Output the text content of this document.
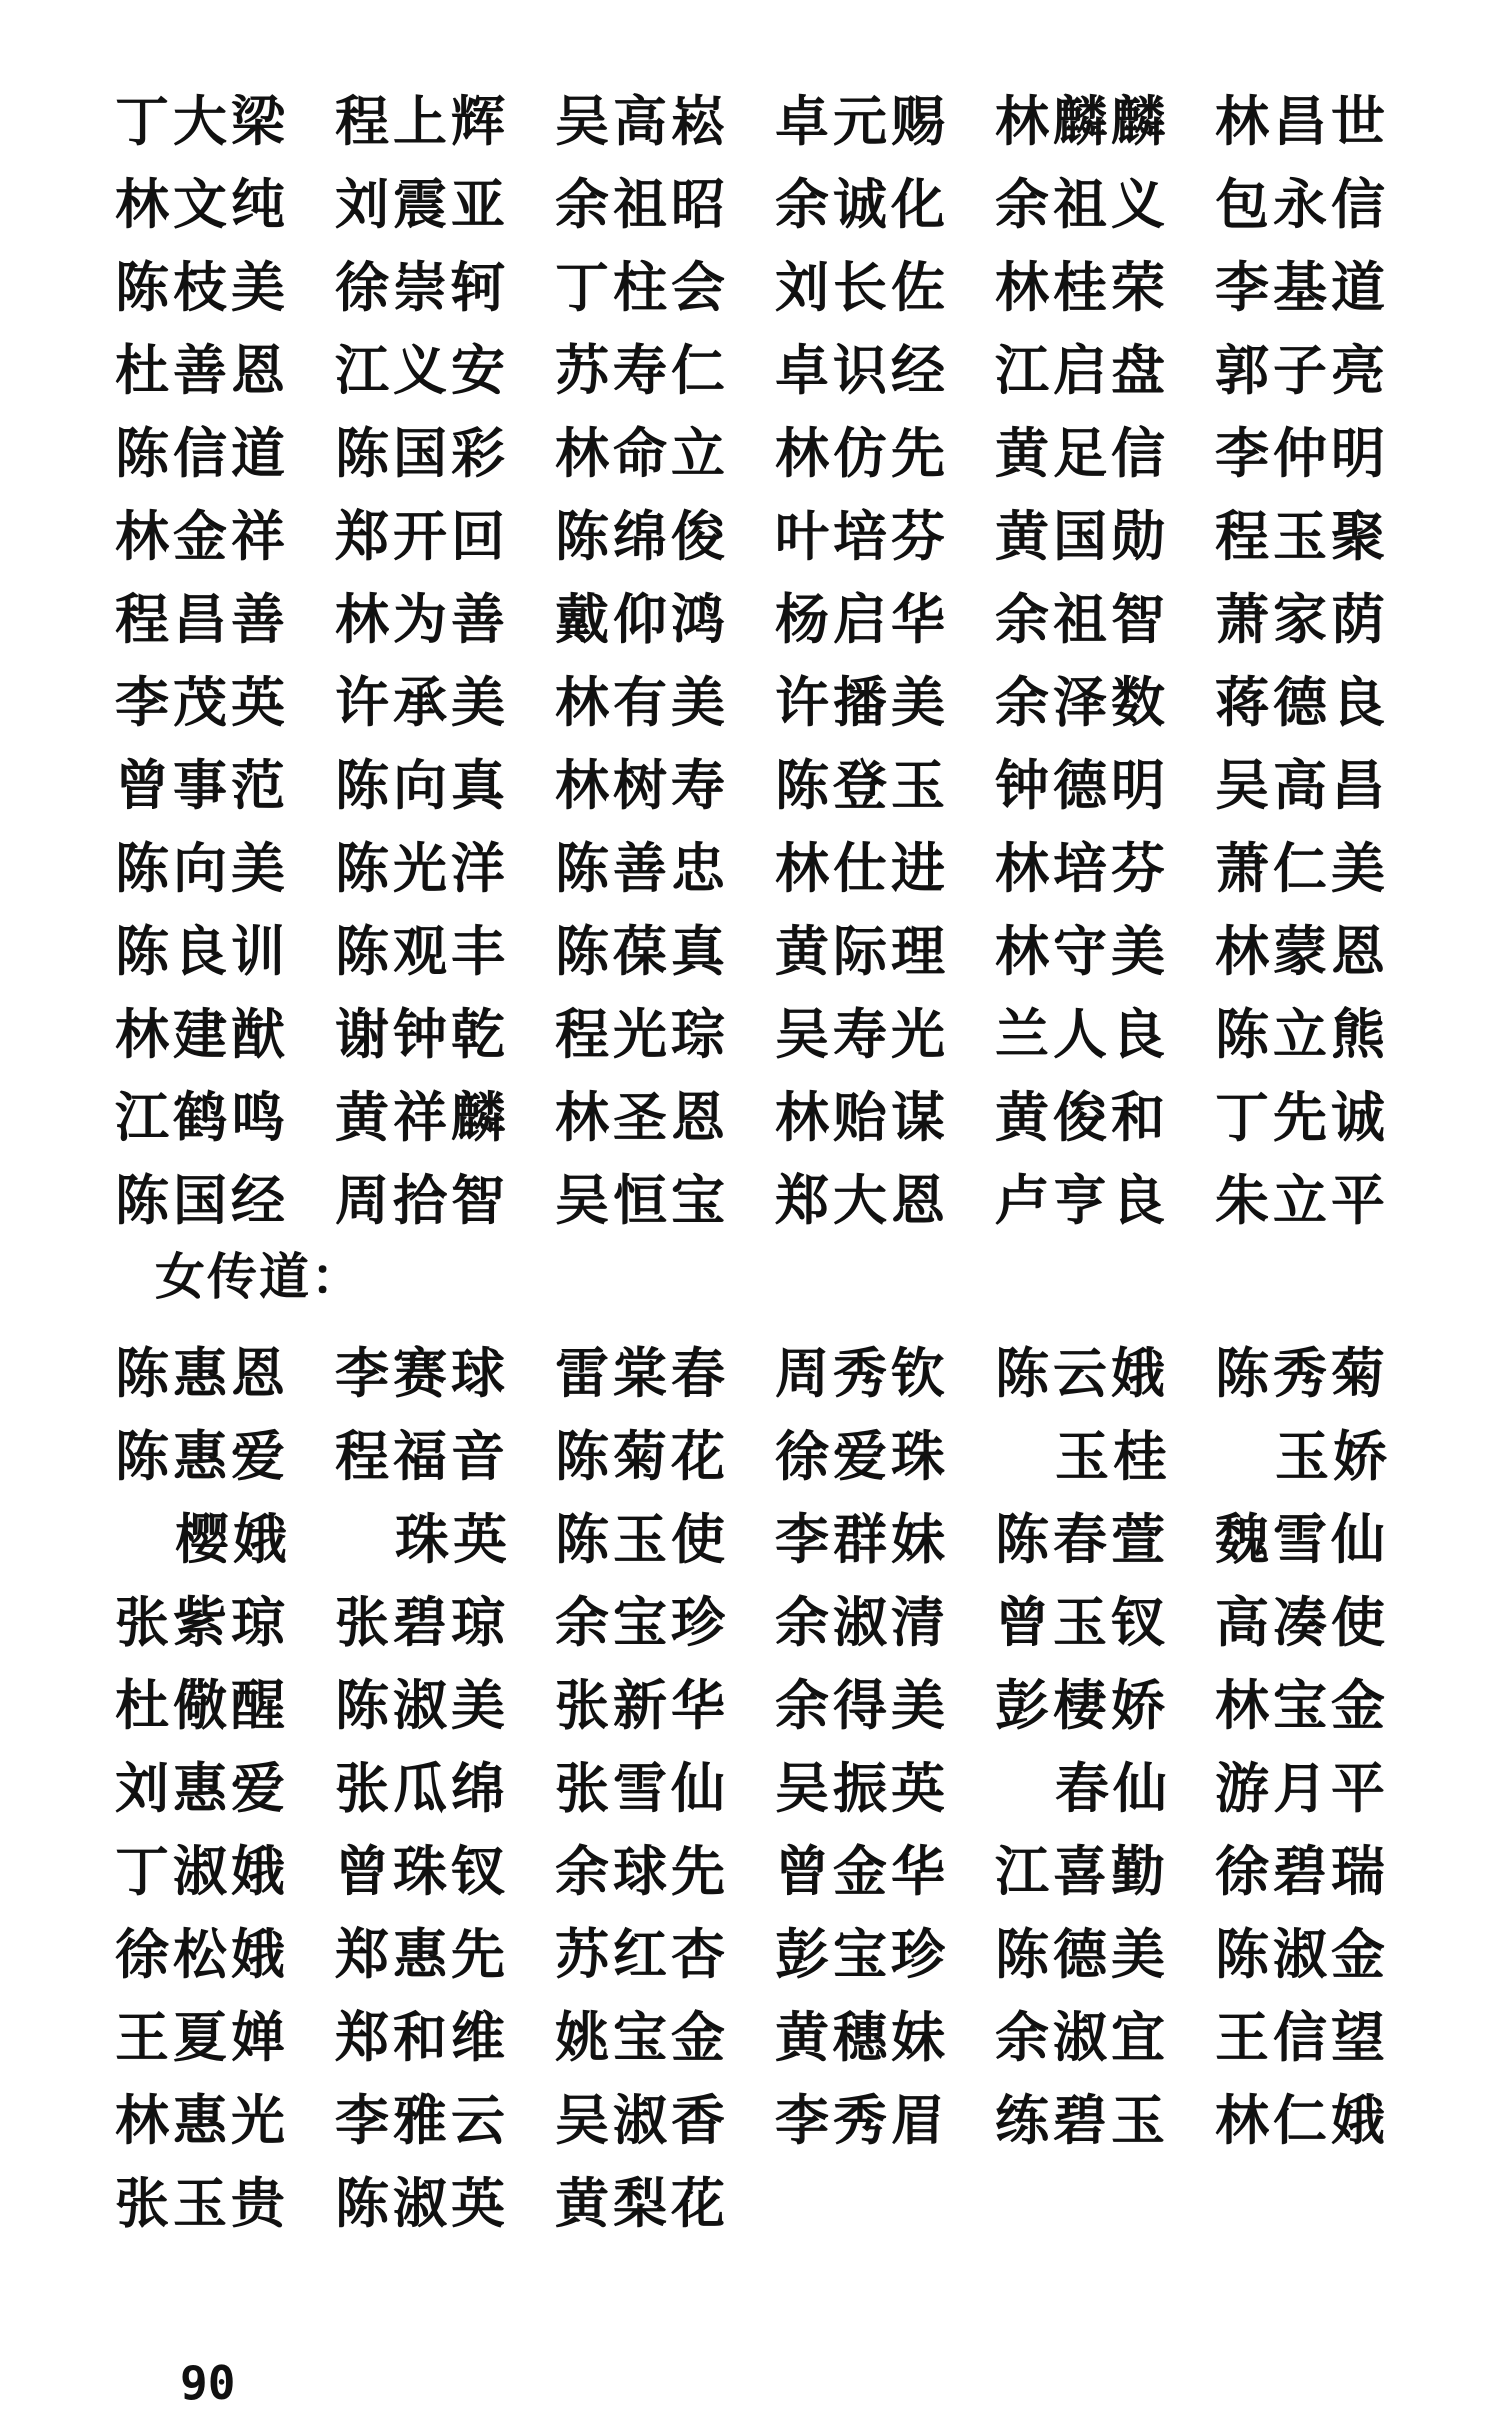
丁大梁 程上辉 吴高崧 卓元赐 林麟麟 林昌世
林文纯 刘震亚 余祖昭 余诚化 余祖义 包永信
陈枝美 徐崇轲 丁柱会 刘长佐 林桂荣 李基道
杜善恩 江义安 苏寿仁 卓识经 江启盘 郭子亮
陈信道 陈国彩 林命立 林仿先 黄足信 李仲明
林金祥 郑开回 陈绵俊 叶培芬 黄国勋 程玉聚
程昌善 林为善 戴仰鸿 杨启华 余祖智 萧家荫
李茂英 许承美 林有美 许播美 余泽数 蒋德良
曾事范 陈向真 林树寿 陈登玉 钟德明 吴高昌
陈向美 陈光洋 陈善忠 林仕进 林培芬 萧仁美
陈良训 陈观丰 陈葆真 黄际理 林守美 林蒙恩
林建猷 谢钟乾 程光琮 吴寿光 兰人良 陈立熊
江鹤鸣 黄祥麟 林圣恩 林贻谋 黄俊和 丁先诚
陈国经 周拾智 吴恒宝 郑大恩 卢亨良 朱立平
女传道：
陈惠恩 李赛球 雷棠春 周秀钦 陈云娥 陈秀菊
陈惠爱 程福音 陈菊花 徐爱珠	玉桂	玉娇
樱娥	珠英 陈玉使 李群妹 陈春萱 魏雪仙
张紫琼 张碧琼 余宝珍 余淑清 曾玉钗 高凑使
杜儆醒 陈淑美 张新华 余得美 彭棲娇 林宝金
刘惠爱 张瓜绵 张雪仙 吴振英	春仙 游月平
丁淑娥 曾珠钗 余球先 曾金华 江喜勤 徐碧瑞
徐松娥 郑惠先 苏红杏 彭宝珍 陈德美 陈淑金
王夏婵 郑和维 姚宝金 黄穗妹 余淑宜 王信望
林惠光 李雅云 吴淑香 李秀眉 练碧玉 林仁娥
张玉贵 陈淑英 黄梨花
90
